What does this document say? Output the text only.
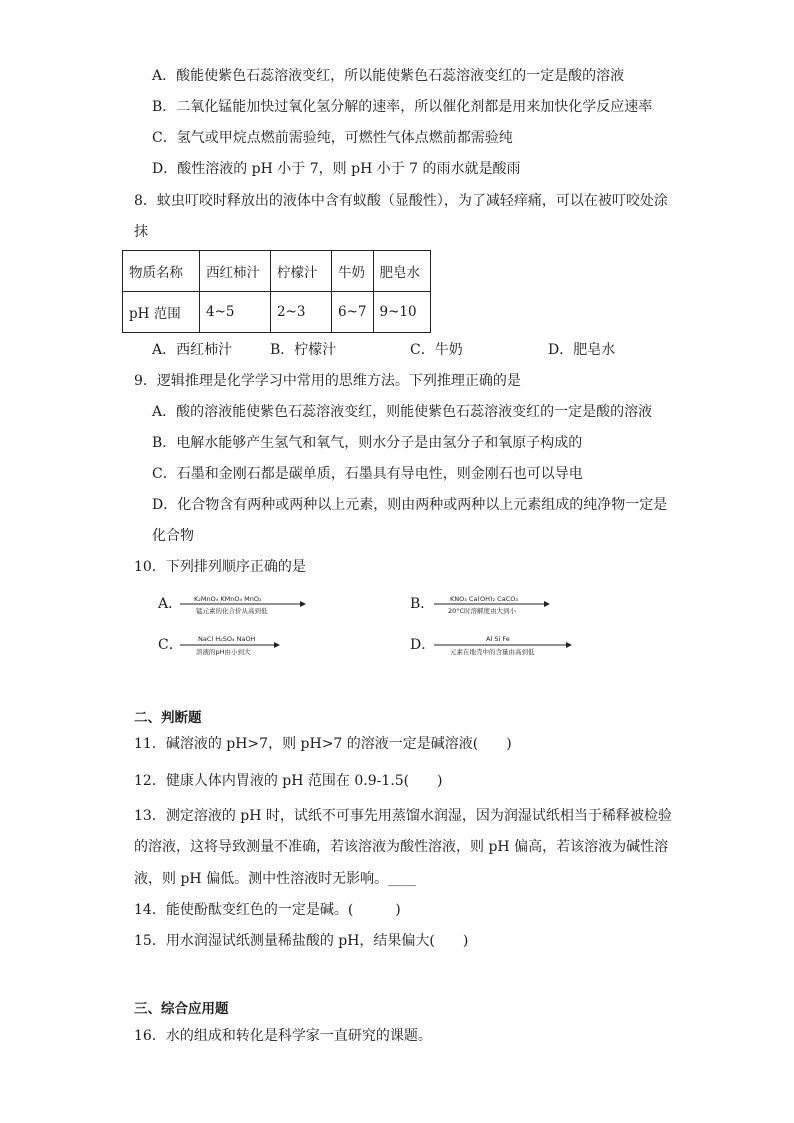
A．酸能使紫色石蕊溶液变红，所以能使紫色石蕊溶液变红的一定是酸的溶液
B．二氧化锰能加快过氧化氢分解的速率，所以催化剂都是用来加快化学反应速率
C．氢气或甲烷点燃前需验纯，可燃性气体点燃前都需验纯
D．酸性溶液的 pH 小于 7，则 pH 小于 7 的雨水就是酸雨
8．蚊虫叮咬时释放出的液体中含有蚁酸（显酸性），为了减轻痒痛，可以在被叮咬处涂
抹
物质名称	西红柿汁	柠檬汁	牛奶	肥皂水
pH 范围	4~5	2~3	6~7	9~10
A．西红柿汁	B．柠檬汁	C．牛奶	D．肥皂水
9．逻辑推理是化学学习中常用的思维方法。下列推理正确的是
A．酸的溶液能使紫色石蕊溶液变红，则能使紫色石蕊溶液变红的一定是酸的溶液
B．电解水能够产生氢气和氧气，则水分子是由氢分子和氧原子构成的
C．石墨和金刚石都是碳单质，石墨具有导电性，则金刚石也可以导电
D．化合物含有两种或两种以上元素，则由两种或两种以上元素组成的纯净物一定是
化合物
10．下列排列顺序正确的是
A． K₂MnO₄ KMnO₄ MnO₂
锰元素的化合价从高到低	B． KNO₃ Ca(OH)₂ CaCO₃
20°C时溶解度由大到小
C． NaCl H₂SO₄ NaOH
溶液的pH由小到大	D．	Al Si Fe
元素在地壳中的含量由高到低
二、判断题
11．碱溶液的 pH>7，则 pH>7 的溶液一定是碱溶液(　　)
12．健康人体内胃液的 pH 范围在 0.9-1.5(　　)
13．测定溶液的 pH 时，试纸不可事先用蒸馏水润湿，因为润湿试纸相当于稀释被检验
的溶液，这将导致测量不准确，若该溶液为酸性溶液，则 pH 偏高，若该溶液为碱性溶
液，则 pH 偏低。测中性溶液时无影响。____
14．能使酚酞变红色的一定是碱。(　　　)
15．用水润湿试纸测量稀盐酸的 pH，结果偏大(　　)
三、综合应用题
16．水的组成和转化是科学家一直研究的课题。
